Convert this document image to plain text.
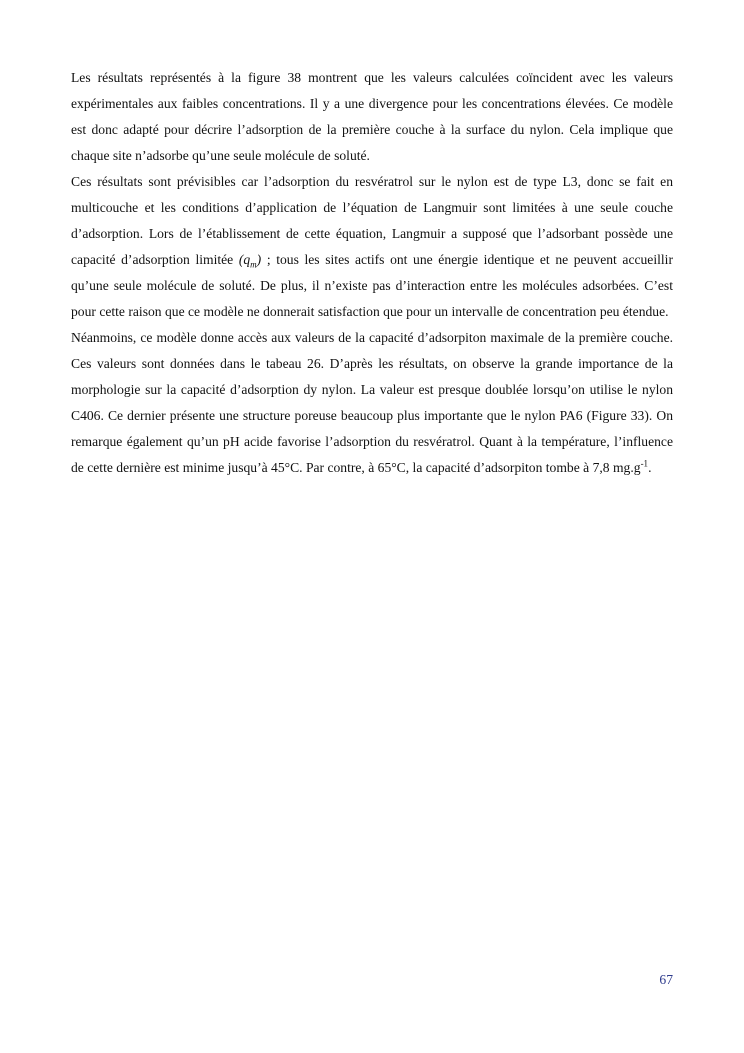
Les résultats représentés à la figure 38 montrent que les valeurs calculées coïncident avec les valeurs expérimentales aux faibles concentrations. Il y a une divergence pour les concentrations élevées. Ce modèle est donc adapté pour décrire l’adsorption de la première couche à la surface du nylon. Cela implique que chaque site n’adsorbe qu’une seule molécule de soluté.

Ces résultats sont prévisibles car l’adsorption du resvératrol sur le nylon est de type L3, donc se fait en multicouche et les conditions d’application de l’équation de Langmuir sont limitées à une seule couche d’adsorption. Lors de l’établissement de cette équation, Langmuir a supposé que l’adsorbant possède une capacité d’adsorption limitée $(q_m)$ ; tous les sites actifs ont une énergie identique et ne peuvent accueillir qu’une seule molécule de soluté. De plus, il n’existe pas d’interaction entre les molécules adsorbées. C’est pour cette raison que ce modèle ne donnerait satisfaction que pour un intervalle de concentration peu étendue.

Néanmoins, ce modèle donne accès aux valeurs de la capacité d’adsorpiton maximale de la première couche. Ces valeurs sont données dans le tabeau 26. D’après les résultats, on observe la grande importance de la morphologie sur la capacité d’adsorption dy nylon. La valeur est presque doublée lorsqu’on utilise le nylon C406. Ce dernier présente une structure poreuse beaucoup plus importante que le nylon PA6 (Figure 33). On remarque également qu’un pH acide favorise l’adsorption du resvératrol. Quant à la température, l’influence de cette dernière est minime jusqu’à 45°C. Par contre, à 65°C, la capacité d’adsorpiton tombe à 7,8 $mg.g^{-1}$.

67
